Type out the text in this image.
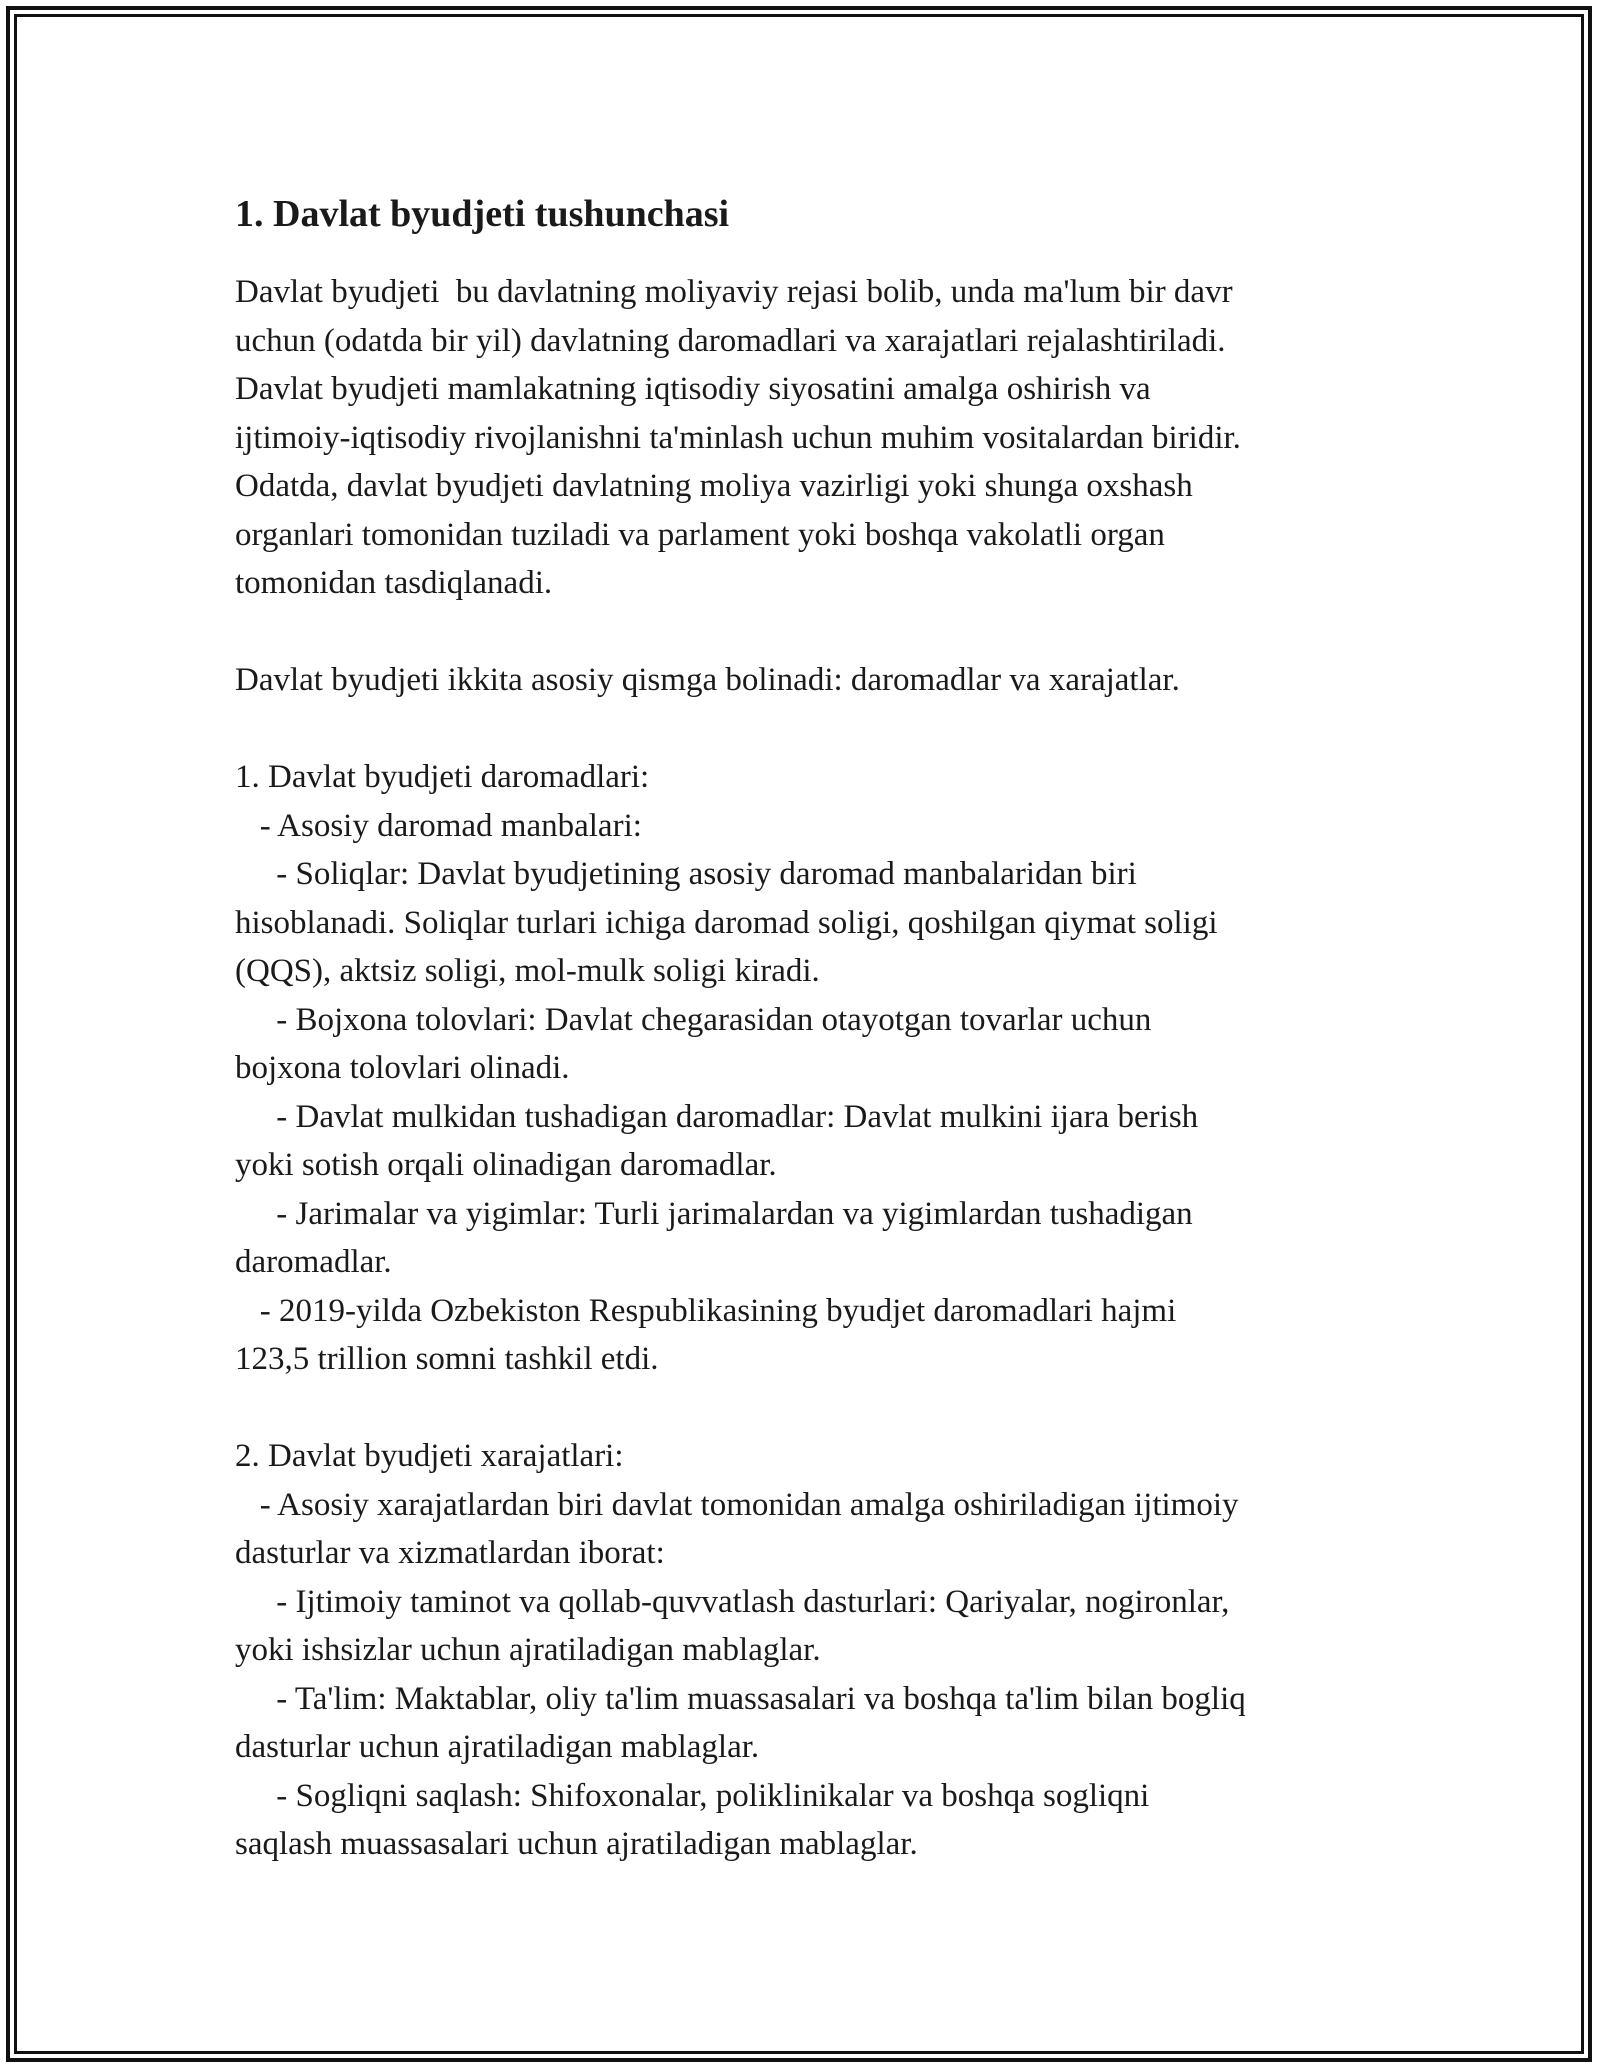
1. Davlat byudjeti tushunchasi

Davlat byudjeti  bu davlatning moliyaviy rejasi bolib, unda ma'lum bir davr

uchun (odatda bir yil) davlatning daromadlari va xarajatlari rejalashtiriladi.

Davlat byudjeti mamlakatning iqtisodiy siyosatini amalga oshirish va

ijtimoiy-iqtisodiy rivojlanishni ta'minlash uchun muhim vositalardan biridir.

Odatda, davlat byudjeti davlatning moliya vazirligi yoki shunga oxshash

organlari tomonidan tuziladi va parlament yoki boshqa vakolatli organ

tomonidan tasdiqlanadi.

Davlat byudjeti ikkita asosiy qismga bolinadi: daromadlar va xarajatlar.

1. Davlat byudjeti daromadlari:

- Asosiy daromad manbalari:

- Soliqlar: Davlat byudjetining asosiy daromad manbalaridan biri

hisoblanadi. Soliqlar turlari ichiga daromad soligi, qoshilgan qiymat soligi

(QQS), aktsiz soligi, mol-mulk soligi kiradi.

- Bojxona tolovlari: Davlat chegarasidan otayotgan tovarlar uchun

bojxona tolovlari olinadi.

- Davlat mulkidan tushadigan daromadlar: Davlat mulkini ijara berish

yoki sotish orqali olinadigan daromadlar.

- Jarimalar va yigimlar: Turli jarimalardan va yigimlardan tushadigan

daromadlar.

- 2019-yilda Ozbekiston Respublikasining byudjet daromadlari hajmi

123,5 trillion somni tashkil etdi.

2. Davlat byudjeti xarajatlari:

- Asosiy xarajatlardan biri davlat tomonidan amalga oshiriladigan ijtimoiy

dasturlar va xizmatlardan iborat:

- Ijtimoiy taminot va qollab-quvvatlash dasturlari: Qariyalar, nogironlar,

yoki ishsizlar uchun ajratiladigan mablaglar.

- Ta'lim: Maktablar, oliy ta'lim muassasalari va boshqa ta'lim bilan bogliq

dasturlar uchun ajratiladigan mablaglar.

- Sogliqni saqlash: Shifoxonalar, poliklinikalar va boshqa sogliqni

saqlash muassasalari uchun ajratiladigan mablaglar.
